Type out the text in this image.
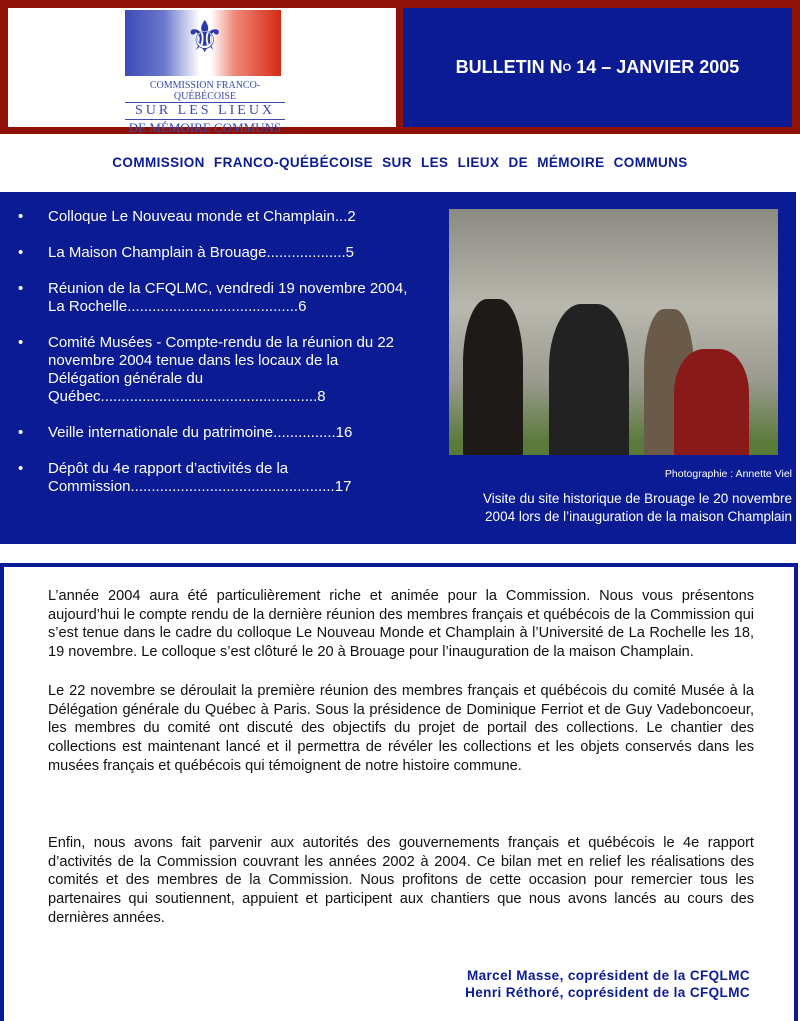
⚜
COMMISSION FRANCO-QUÉBÉCOISE
SUR LES LIEUX
DE MÉMOIRE COMMUNS
BULLETIN N O 14 – JANVIER 2005
COMMISSION FRANCO-QUÉBÉCOISE SUR LES LIEUX DE MÉMOIRE COMMUNS
•	Colloque Le Nouveau monde et Champlain...2
•	La Maison Champlain à Brouage...................5
•	Réunion de la CFQLMC, vendredi 19 novembre 2004, La Rochelle.........................................6
•	Comité Musées - Compte-rendu de la réunion du 22 novembre 2004 tenue dans les locaux de la Délégation générale du Québec....................................................8
•	Veille internationale du patrimoine...............16
•	Dépôt du 4e rapport d’activités de la Commission.................................................17
Photographie : Annette Viel
Visite du site historique de Brouage le 20 novembre
2004 lors de l’inauguration de la maison Champlain

L’année 2004 aura été particulièrement riche et animée pour la Commission. Nous vous présentons aujourd’hui le compte rendu de la dernière réunion des membres français et québécois de la Commission qui s’est tenue dans le cadre du colloque Le Nouveau Monde et Champlain à l’Université de La Rochelle les 18, 19 novembre. Le colloque s’est clôturé le 20 à Brouage pour l’inauguration de la maison Champlain.

Le 22 novembre se déroulait la première réunion des membres français et québécois du comité Musée à la Délégation générale du Québec à Paris. Sous la présidence de Dominique Ferriot et de Guy Vadeboncoeur, les membres du comité ont discuté des objectifs du projet de portail des collections. Le chantier des collections est maintenant lancé et il permettra de révéler les collections et les objets conservés dans les musées français et québécois qui témoignent de notre histoire commune.

Enfin, nous avons fait parvenir aux autorités des gouvernements français et québécois le 4e rapport d’activités de la Commission couvrant les années 2002 à 2004. Ce bilan met en relief les réalisations des comités et des membres de la Commission. Nous profitons de cette occasion pour remercier tous les partenaires qui soutiennent, appuient et participent aux chantiers que nous avons lancés au cours des dernières années.

Marcel Masse, coprésident de la CFQLMC
Henri Réthoré, coprésident de la CFQLMC
